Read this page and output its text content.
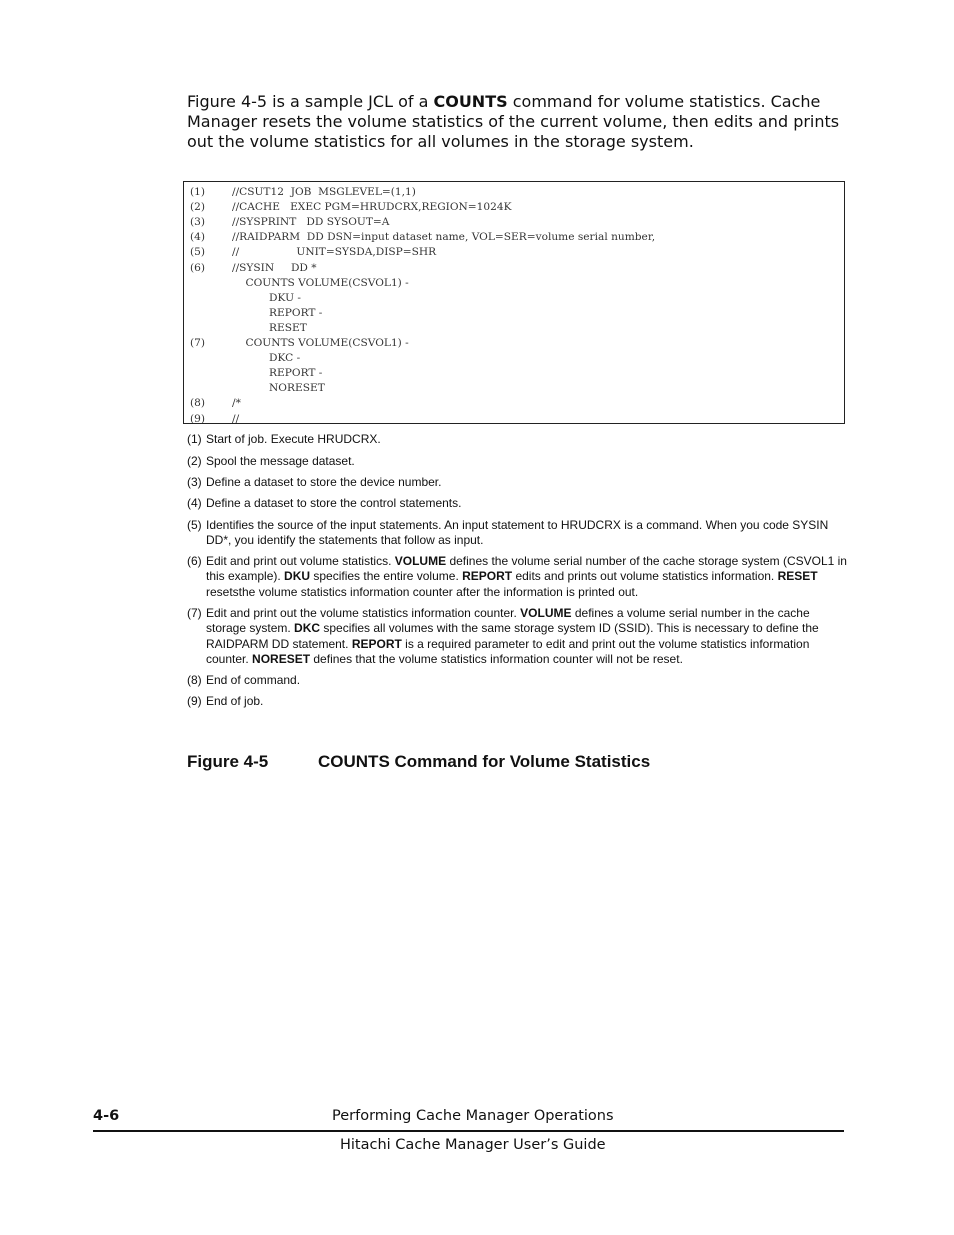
Figure 4-5 is a sample JCL of a COUNTS command for volume statistics. Cache Manager resets the volume statistics of the current volume, then edits and prints out the volume statistics for all volumes in the storage system.

(1)	//CSUT12  JOB  MSGLEVEL=(1,1)
(2)	//CACHE   EXEC PGM=HRUDCRX,REGION=1024K
(3)	//SYSPRINT   DD SYSOUT=A
(4)	//RAIDPARM  DD DSN=input dataset name, VOL=SER=volume serial number,
(5)	//                 UNIT=SYSDA,DISP=SHR
(6)	//SYSIN     DD *
COUNTS VOLUME(CSVOL1) -
DKU -
REPORT -
RESET
(7)	COUNTS VOLUME(CSVOL1) -
DKC -
REPORT -
NORESET
(8)	/*
(9)	//
(1) Start of job. Execute HRUDCRX.
(2) Spool the message dataset.
(3) Define a dataset to store the device number.
(4) Define a dataset to store the control statements.
(5) Identifies the source of the input statements. An input statement to HRUDCRX is a command. When you code SYSIN DD*, you identify the statements that follow as input.
(6) Edit and print out volume statistics. VOLUME defines the volume serial number of the cache storage system (CSVOL1 in this example). DKU specifies the entire volume. REPORT edits and prints out volume statistics information. RESET resetsthe volume statistics information counter after the information is printed out.
(7) Edit and print out the volume statistics information counter. VOLUME defines a volume serial number in the cache storage system. DKC specifies all volumes with the same storage system ID (SSID). This is necessary to define the RAIDPARM DD statement. REPORT is a required parameter to edit and print out the volume statistics information counter. NORESET defines that the volume statistics information counter will not be reset.
(8) End of command.
(9) End of job.
Figure 4-5	COUNTS Command for Volume Statistics
4-6	Performing Cache Manager Operations
Hitachi Cache Manager User’s Guide
